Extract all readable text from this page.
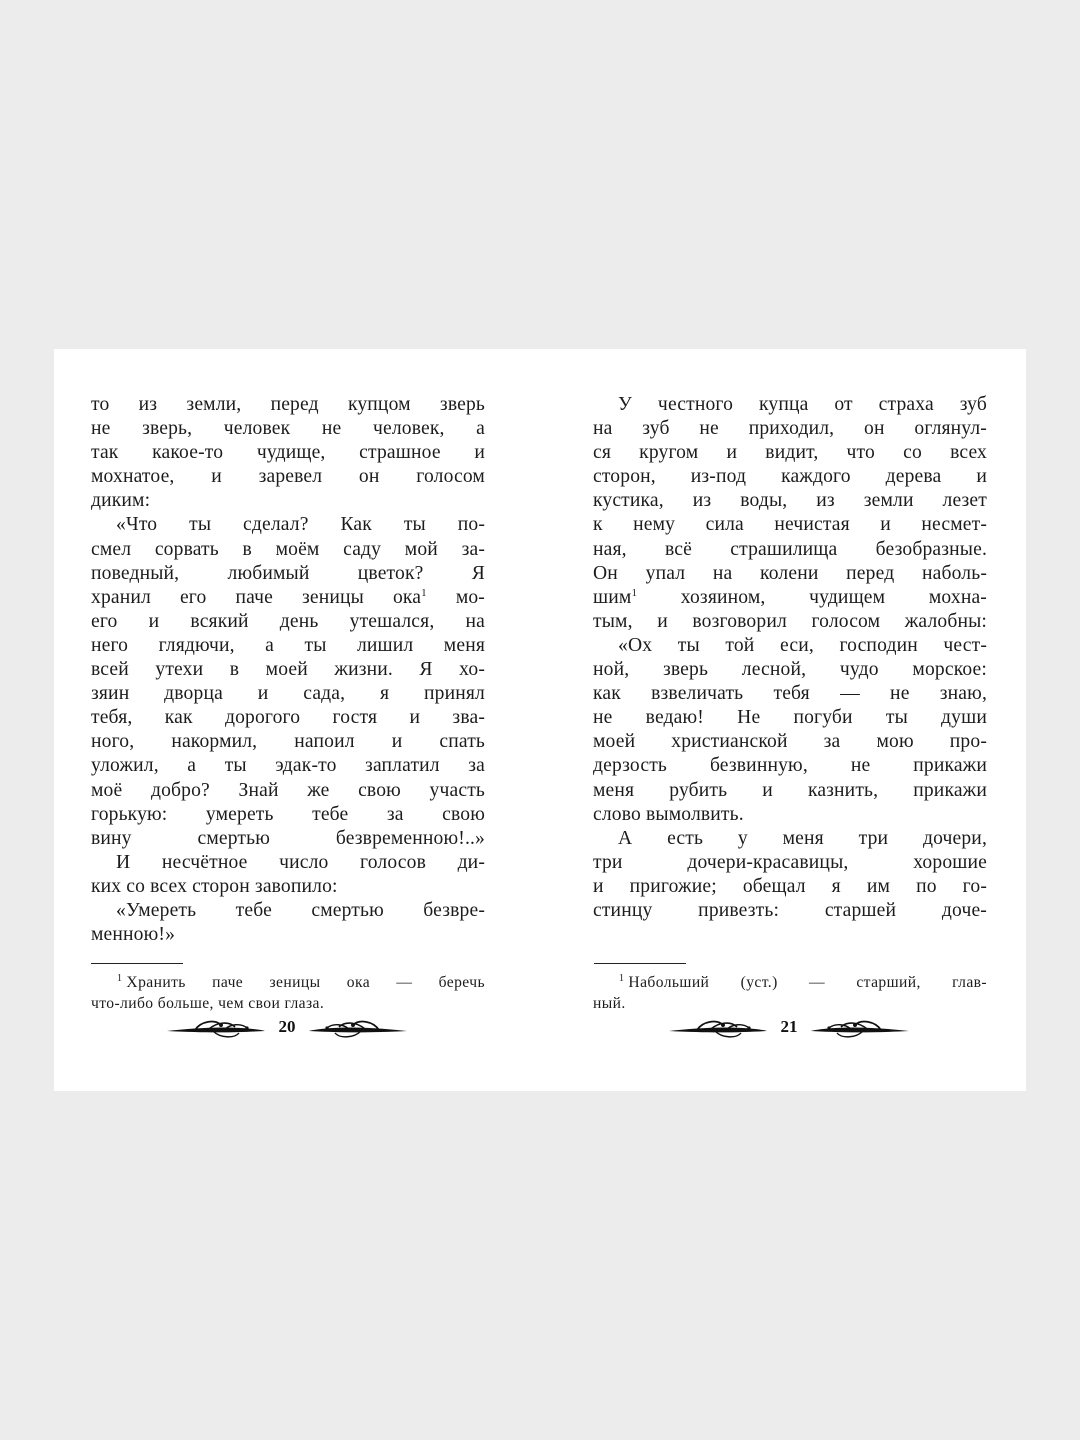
то из земли, перед купцом зверь
не зверь, человек не человек, а
так какое-то чудище, страшное и
мохнатое, и заревел он голосом
диким:
«Что ты сделал? Как ты по-
смел сорвать в моём саду мой за-
поведный, любимый цветок? Я
хранил его паче зеницы ока$^1$ мо-
его и всякий день утешался, на
него глядючи, а ты лишил меня
всей утехи в моей жизни. Я хо-
зяин дворца и сада, я принял
тебя, как дорогого гостя и зва-
ного, накормил, напоил и спать
уложил, а ты эдак-то заплатил за
моё добро? Знай же свою участь
горькую: умереть тебе за свою
вину смертью безвременною!..»
И несчётное число голосов ди-
ких со всех сторон завопило:
«Умереть тебе смертью безвре-
менною!»
$^1$ Хранить паче зеницы ока — беречь
что-либо больше, чем свои глаза.
20
У честного купца от страха зуб
на зуб не приходил, он оглянул-
ся кругом и видит, что со всех
сторон, из-под каждого дерева и
кустика, из воды, из земли лезет
к нему сила нечистая и несмет-
ная, всё страшилища безобразные.
Он упал на колени перед наболь-
шим$^1$ хозяином, чудищем мохна-
тым, и возговорил голосом жалобны:
«Ох ты той еси, господин чест-
ной, зверь лесной, чудо морское:
как взвеличать тебя — не знаю,
не ведаю! Не погуби ты души
моей христианской за мою про-
дерзость безвинную, не прикажи
меня рубить и казнить, прикажи
слово вымолвить.
А есть у меня три дочери,
три дочери-красавицы, хорошие
и пригожие; обещал я им по го-
стинцу привезть: старшей доче-
$^1$ Набольший (уст.) — старший, глав-
ный.
21
